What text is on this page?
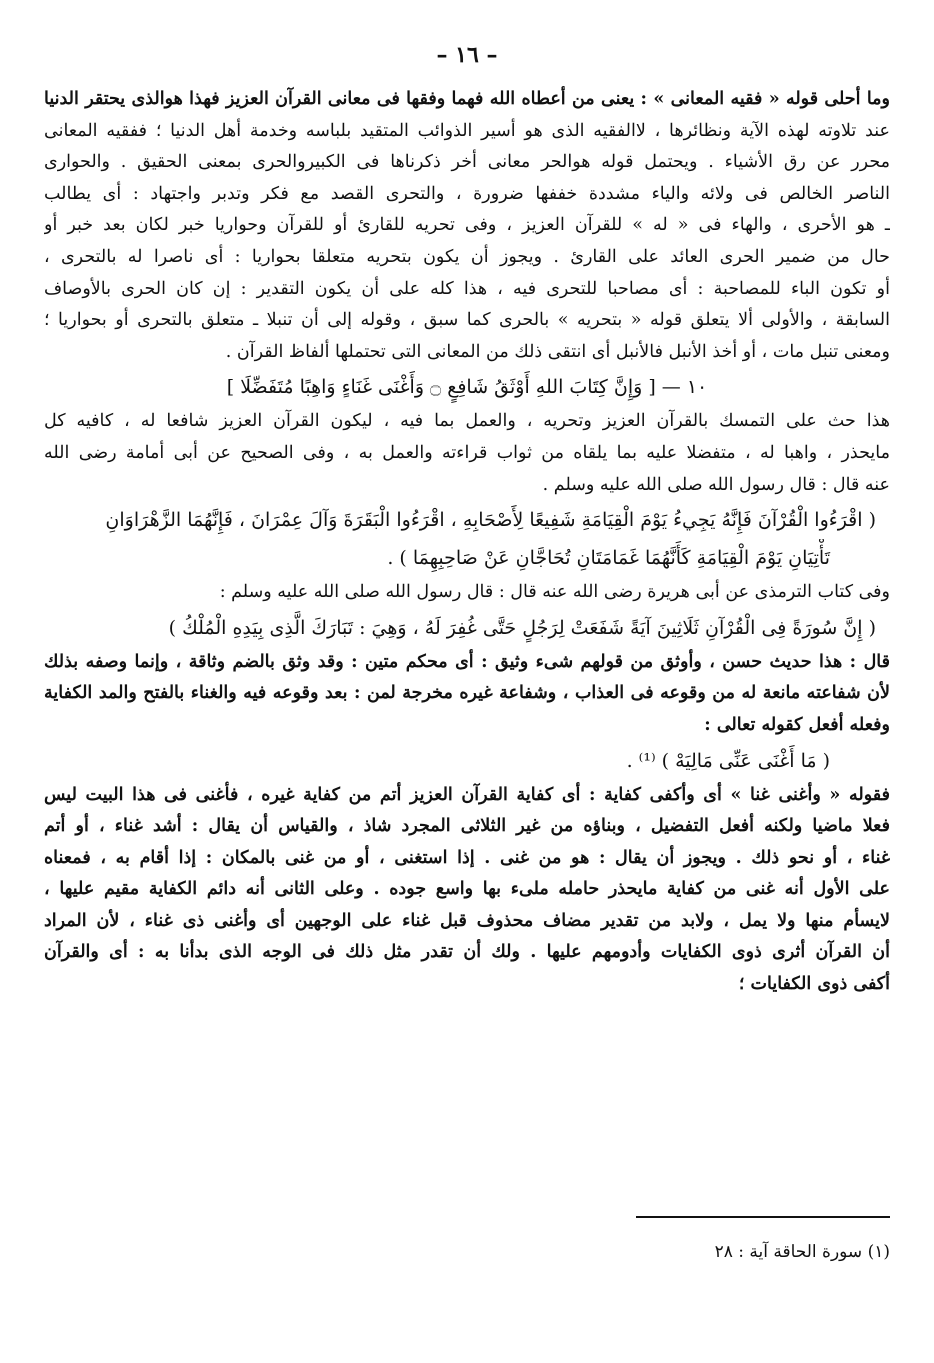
– ١٦ –
وما أحلى قوله « فقيه المعانى » : يعنى من أعطاه الله فهما وفقها فى معانى القرآن العزيز فهذا هوالذى يحتقر الدنيا
عند تلاوته لهذه الآية ونظائرها ، لاالفقيه الذى هو أسير الذوائب المتقيد بلباسه وخدمة أهل الدنيا ؛ ففقيه المعانى
محرر عن رق الأشياء . ويحتمل قوله هوالحر معانى أخر ذكرناها فى الكبيروالحرى بمعنى الحقيق . والحوارى
الناصر الخالص فى ولائه والياء مشددة خففها ضرورة ، والتحرى القصد مع فكر وتدبر واجتهاد : أى يطالب
ـ هو الأحرى ، والهاء فى « له » للقرآن العزيز ، وفى تحريه للقارئ أو للقرآن وحواريا خبر لكان بعد خبر أو
حال من ضمير الحرى العائد على القارئ . ويجوز أن يكون بتحريه متعلقا بحواريا : أى ناصرا له بالتحرى ،
أو تكون الباء للمصاحبة : أى مصاحبا للتحرى فيه ، هذا كله على أن يكون التقدير : إن كان الحرى بالأوصاف
السابقة ، والأولى ألا يتعلق قوله « بتحريه » بالحرى كما سبق ، وقوله إلى أن تنبلا ـ متعلق بالتحرى أو بحواريا ؛
ومعنى تنبل مات ، أو أخذ الأنبل فالأنبل أى انتقى ذلك من المعانى التى تحتملها ألفاظ القرآن .
١٠ — [ وَإِنَّ كِتَابَ اللهِ أَوْثَقُ شَافِعٍ ۝ وَأَغْنَى غَنَاءٍ وَاهِبًا مُتَفَضِّلَا ]
هذا حث على التمسك بالقرآن العزيز وتحريه ، والعمل بما فيه ، ليكون القرآن العزيز شافعا له ، كافيه كل
مايحذر ، واهبا له ، متفضلا عليه بما يلقاه من ثواب قراءته والعمل به ، وفى الصحيح عن أبى أمامة رضى الله
عنه قال : قال رسول الله صلى الله عليه وسلم .
( اقْرَءُوا الْقُرْآنَ فَإِنَّهُ يَجِيءُ يَوْمَ الْقِيَامَةِ شَفِيعًا لِأَصْحَابِهِ ، اقْرَءُوا الْبَقَرَةَ وَآلَ عِمْرَانَ ، فَإِنَّهُمَا الزَّهْرَاوَانِ
تَأْتِيَانِ يَوْمَ الْقِيَامَةِ كَأَنَّهُمَا غَمَامَتَانِ تُحَاجَّانِ عَنْ صَاحِبِهِمَا ) .
وفى كتاب الترمذى عن أبى هريرة رضى الله عنه قال : قال رسول الله صلى الله عليه وسلم :
( إِنَّ سُورَةً فِى الْقُرْآنِ ثَلَاثِينَ آيَةً شَفَعَتْ لِرَجُلٍ حَتَّى غُفِرَ لَهُ ، وَهِيَ : تَبَارَكَ الَّذِى بِيَدِهِ الْمُلْكُ )
قال : هذا حديث حسن ، وأوثق من قولهم شىء وثيق : أى محكم متين : وقد وثق بالضم وثاقة ، وإنما وصفه بذلك
لأن شفاعته مانعة له من وقوعه فى العذاب ، وشفاعة غيره مخرجة لمن : بعد وقوعه فيه والغناء بالفتح والمد الكفاية
وفعله أفعل كقوله تعالى :
( مَا أَغْنَى عَنِّى مَالِيَهْ ) ⁽¹⁾ .
فقوله « وأغنى غنا » أى وأكفى كفاية : أى كفاية القرآن العزيز أتم من كفاية غيره ، فأغنى فى هذا البيت ليس
فعلا ماضيا ولكنه أفعل التفضيل ، وبناؤه من غير الثلاثى المجرد شاذ ، والقياس أن يقال : أشد غناء ، أو أتم
غناء ، أو نحو ذلك . ويجوز أن يقال : هو من غنى . إذا استغنى ، أو من غنى بالمكان : إذا أقام به ، فمعناه
على الأول أنه غنى من كفاية مايحذر حامله ملىء بها واسع جوده . وعلى الثانى أنه دائم الكفاية مقيم عليها ،
لايسأم منها ولا يمل ، ولابد من تقدير مضاف محذوف قبل غناء على الوجهين أى وأغنى ذى غناء ، لأن المراد
أن القرآن أثرى ذوى الكفايات وأدومهم عليها . ولك أن تقدر مثل ذلك فى الوجه الذى بدأنا به : أى والقرآن
أكفى ذوى الكفايات ؛
(١) سورة الحاقة آية : ٢٨
